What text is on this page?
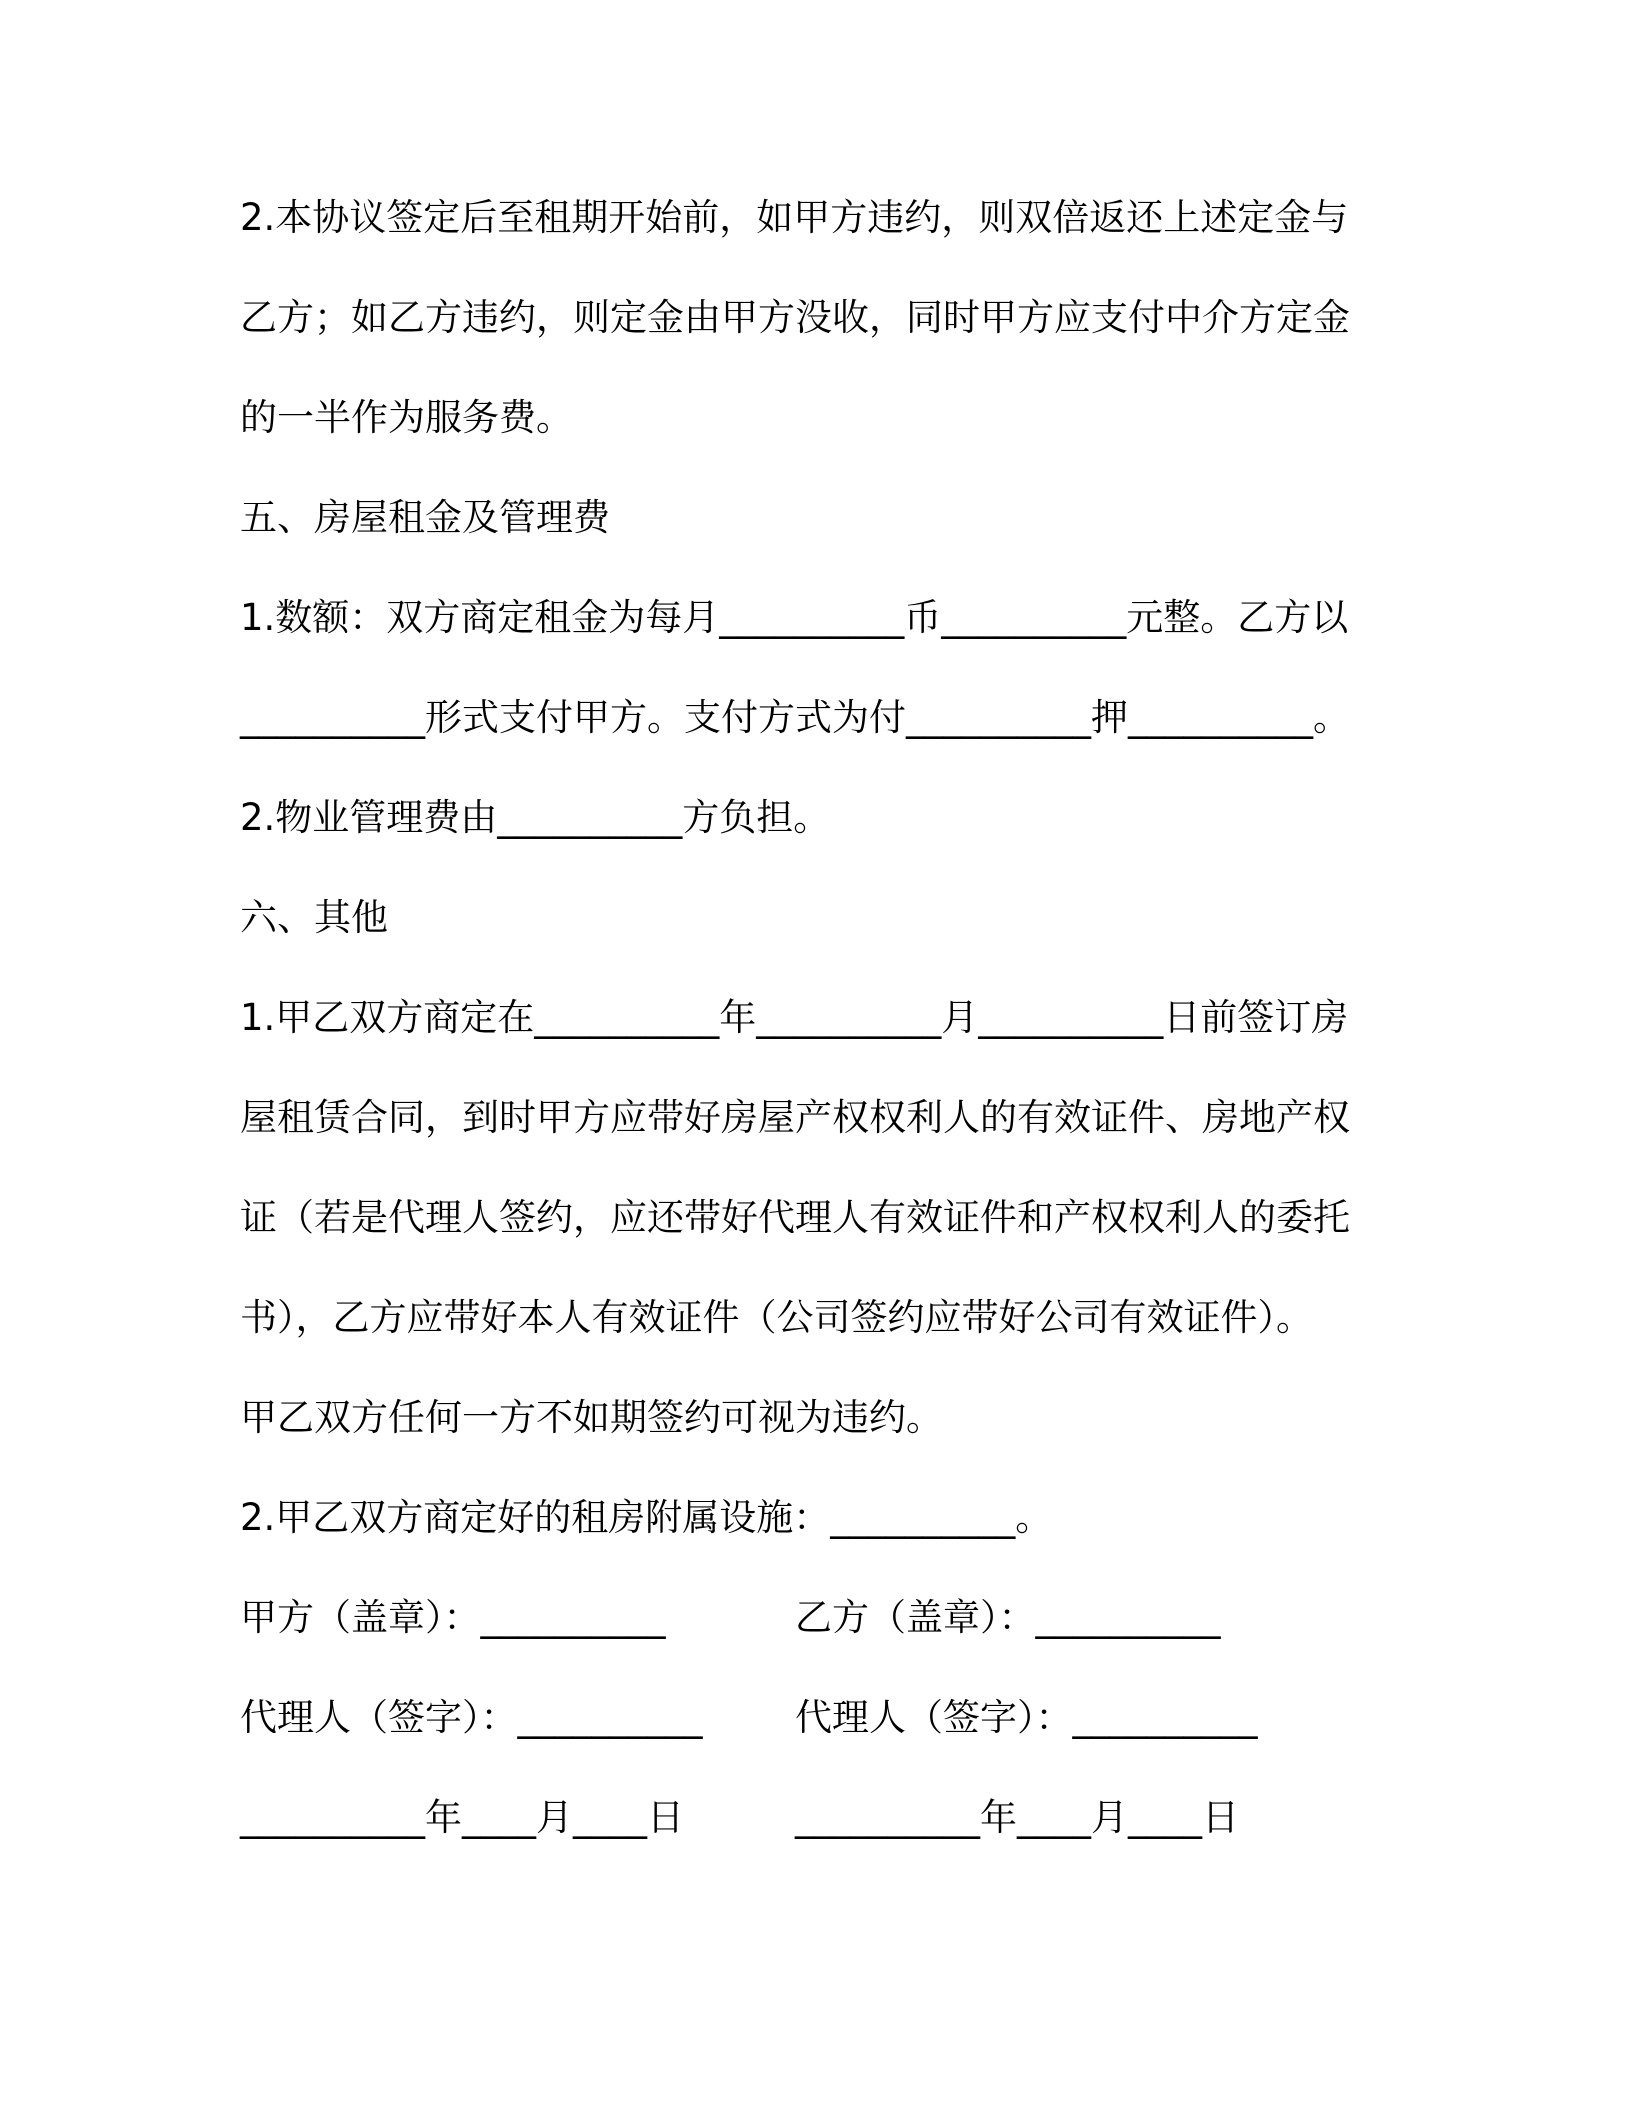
2.本协议签定后至租期开始前，如甲方违约，则双倍返还上述定金与
乙方；如乙方违约，则定金由甲方没收，同时甲方应支付中介方定金
的一半作为服务费。
五、房屋租金及管理费
1.数额：双方商定租金为每月__________币__________元整。乙方以
__________形式支付甲方。支付方式为付__________押__________。
2.物业管理费由__________方负担。
六、其他
1.甲乙双方商定在__________年__________月__________日前签订房
屋租赁合同，到时甲方应带好房屋产权权利人的有效证件、房地产权
证（若是代理人签约，应还带好代理人有效证件和产权权利人的委托
书），乙方应带好本人有效证件（公司签约应带好公司有效证件）。
甲乙双方任何一方不如期签约可视为违约。
2.甲乙双方商定好的租房附属设施：__________。
甲方（盖章）：__________	乙方（盖章）：__________
代理人（签字）：__________	代理人（签字）：__________
__________年____月____日	__________年____月____日
